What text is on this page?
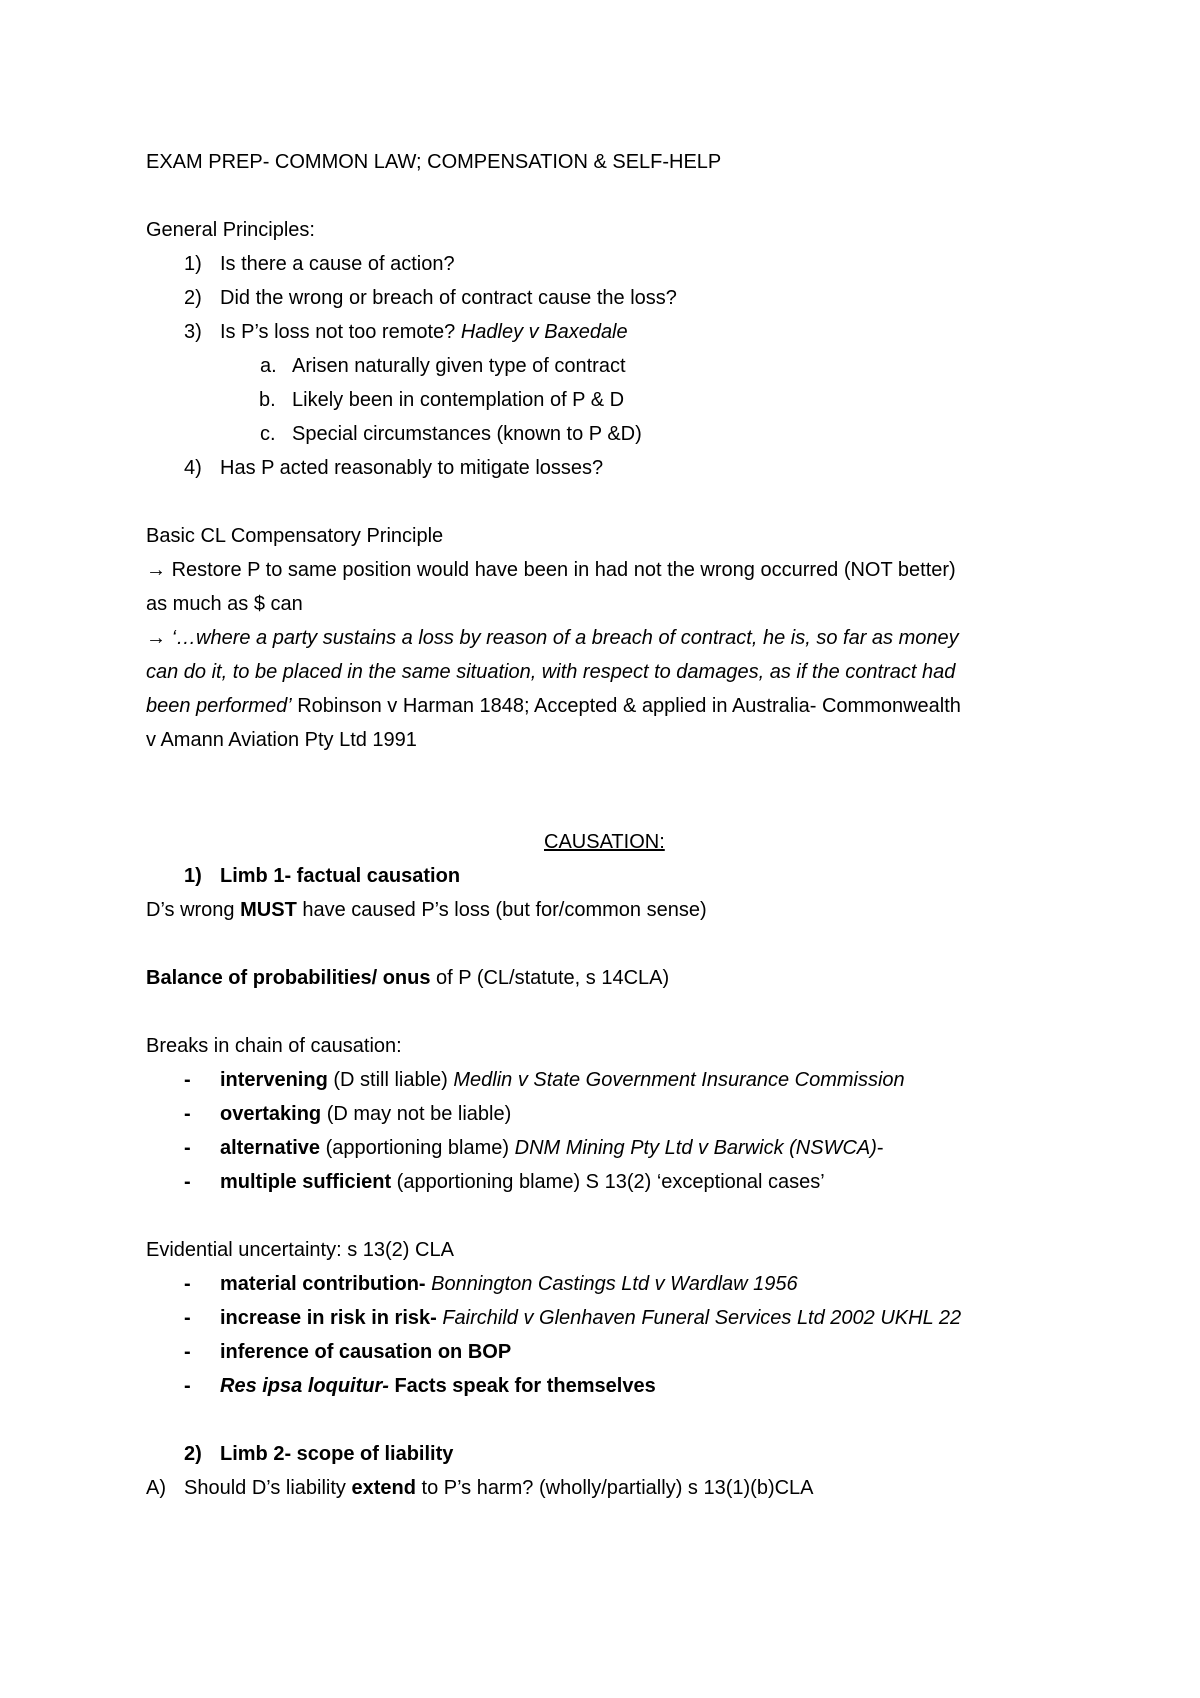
EXAM PREP- COMMON LAW; COMPENSATION & SELF-HELP
General Principles:
1) Is there a cause of action?
2) Did the wrong or breach of contract cause the loss?
3) Is P’s loss not too remote? Hadley v Baxedale
a. Arisen naturally given type of contract
b. Likely been in contemplation of P & D
c. Special circumstances (known to P &D)
4) Has P acted reasonably to mitigate losses?
Basic CL Compensatory Principle
→ Restore P to same position would have been in had not the wrong occurred (NOT better)
as much as $ can
→ ‘…where a party sustains a loss by reason of a breach of contract, he is, so far as money
can do it, to be placed in the same situation, with respect to damages, as if the contract had
been performed’ Robinson v Harman 1848; Accepted & applied in Australia- Commonwealth
v Amann Aviation Pty Ltd 1991
CAUSATION:
1) Limb 1- factual causation
D’s wrong MUST have caused P’s loss (but for/common sense)
Balance of probabilities/ onus of P (CL/statute, s 14CLA)
Breaks in chain of causation:
- intervening (D still liable) Medlin v State Government Insurance Commission
- overtaking (D may not be liable)
- alternative (apportioning blame) DNM Mining Pty Ltd v Barwick (NSWCA)-
- multiple sufficient (apportioning blame) S 13(2) ‘exceptional cases’
Evidential uncertainty: s 13(2) CLA
- material contribution- Bonnington Castings Ltd v Wardlaw 1956
- increase in risk in risk- Fairchild v Glenhaven Funeral Services Ltd 2002 UKHL 22
- inference of causation on BOP
- Res ipsa loquitur- Facts speak for themselves
2) Limb 2- scope of liability
A) Should D’s liability extend to P’s harm? (wholly/partially) s 13(1)(b)CLA
